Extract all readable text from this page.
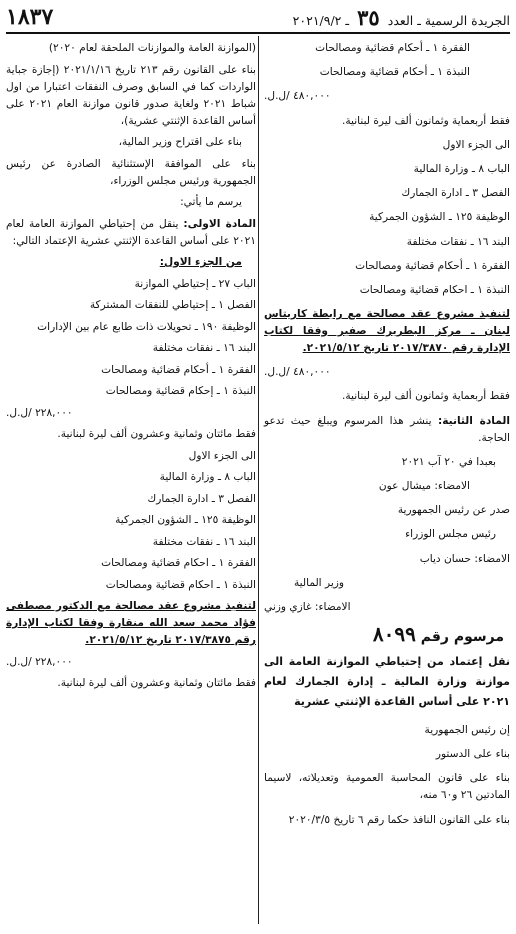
الجريدة الرسمية ـ العدد ٣٥ ـ ٢٠٢١/٩/٢
١٨٣٧
الفقرة ١ ـ أحكام قضائية ومصالحات
النبذة ١ ـ أحكام قضائية ومصالحات
٤٨٠,٠٠٠ /ل.ل.
فقط أربعماية وثمانون ألف ليرة لبنانية.
الى الجزء الاول
الباب ٨ ـ وزارة المالية
الفصل ٣ ـ ادارة الجمارك
الوظيفة ١٢٥ ـ الشؤون الجمركية
البند ١٦ ـ نفقات مختلفة
الفقرة ١ ـ أحكام قضائية ومصالحات
النبذة ١ ـ احكام قضائية ومصالحات
لتنفيذ مشروع عقد مصالحة مع رابطة كاريتاس لبنان ـ مركز البطريرك صفير وفقا لكتاب الإدارة رقم ٢٠١٧/٣٨٧٠ تاريخ ٢٠٢١/٥/١٢.
٤٨٠,٠٠٠ /ل.ل.
فقط أربعماية وثمانون ألف ليرة لبنانية.
المادة الثانية: ينشر هذا المرسوم ويبلغ حيث تدعو الحاجة.
بعبدا في ٢٠ آب ٢٠٢١
الامضاء: ميشال عون
صدر عن رئيس الجمهورية
رئيس مجلس الوزراء
الامضاء: حسان دياب
وزير المالية
الامضاء: غازي وزني
مرسوم رقم ٨٠٩٩
نقل إعتماد من إحتياطي الموازنة العامة الى موازنة وزارة المالية ـ إدارة الجمارك لعام ٢٠٢١ على أساس القاعدة الإثنتي عشرية
إن رئيس الجمهورية
بناء على الدستور
بناء على قانون المحاسبة العمومية وتعديلاته، لاسيما المادتين ٢٦ و٦٠ منه،
بناء على القانون النافذ حكما رقم ٦ تاريخ ٢٠٢٠/٣/٥
(الموازنة العامة والموازنات الملحقة لعام ٢٠٢٠)
بناء على القانون رقم ٢١٣ تاريخ ٢٠٢١/١/١٦ (إجازة جباية الواردات كما في السابق وصرف النفقات اعتبارا من اول شباط ٢٠٢١ ولغاية صدور قانون موازنة العام ٢٠٢١ على أساس القاعدة الإثنتي عشرية)،
بناء على اقتراح وزير المالية،
بناء على الموافقة الإستثنائية الصادرة عن رئيس الجمهورية ورئيس مجلس الوزراء،
يرسم ما يأتي:
المادة الاولى: ينقل من إحتياطي الموازنة العامة لعام ٢٠٢١ على أساس القاعدة الإثنتي عشرية الإعتماد التالي:
من الجزء الاول:
الباب ٢٧ ـ إحتياطي الموازنة
الفصل ١ ـ إحتياطي للنفقات المشتركة
الوظيفة ١٩٠ ـ تحويلات ذات طابع عام بين الإدارات
البند ١٦ ـ نفقات مختلفة
الفقرة ١ ـ أحكام قضائية ومصالحات
النبذة ١ ـ إحكام قضائية ومصالحات
٢٢٨,٠٠٠ /ل.ل.
فقط مائتان وثمانية وعشرون ألف ليرة لبنانية.
الى الجزء الاول
الباب ٨ ـ وزارة المالية
الفصل ٣ ـ ادارة الجمارك
الوظيفة ١٢٥ ـ الشؤون الجمركية
البند ١٦ ـ نفقات مختلفة
الفقرة ١ ـ احكام قضائية ومصالحات
النبذة ١ ـ احكام قضائية ومصالحات
لتنفيذ مشروع عقد مصالحة مع الدكتور مصطفى فؤاد محمد سعد الله منقارة وفقا لكتاب الإدارة رقم ٢٠١٧/٣٨٧٥ تاريخ ٢٠٢١/٥/١٢.
٢٢٨,٠٠٠ /ل.ل.
فقط مائتان وثمانية وعشرون ألف ليرة لبنانية.
